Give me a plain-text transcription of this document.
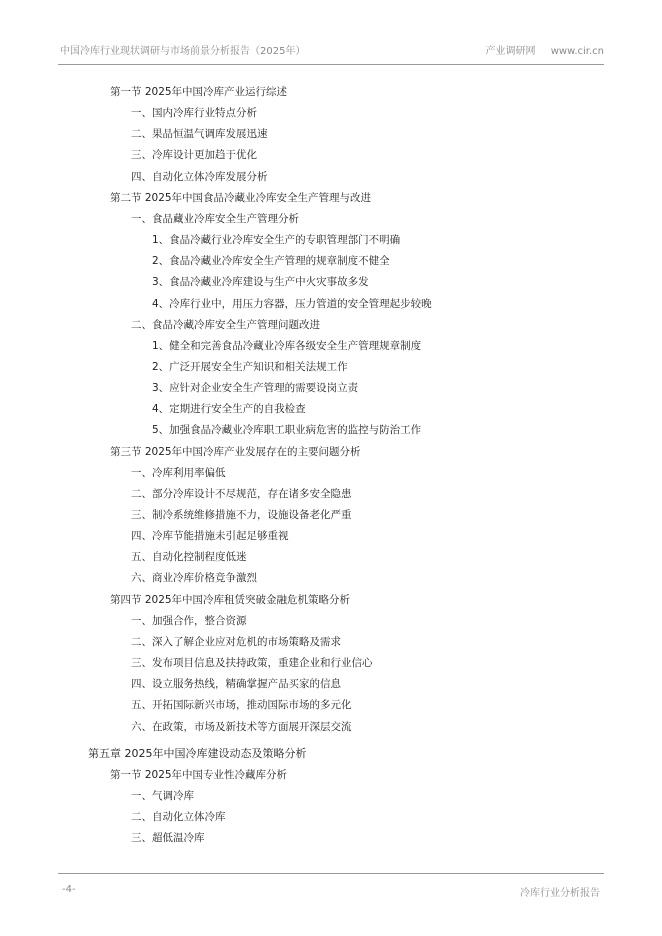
中国冷库行业现状调研与市场前景分析报告（2025年）	产业调研网 www.cir.cn
第一节 2025年中国冷库产业运行综述
一、国内冷库行业特点分析
二、果品恒温气调库发展迅速
三、冷库设计更加趋于优化
四、自动化立体冷库发展分析
第二节 2025年中国食品冷藏业冷库安全生产管理与改进
一、食品藏业冷库安全生产管理分析
1、食品冷藏行业冷库安全生产的专职管理部门不明确
2、食品冷藏业冷库安全生产管理的规章制度不健全
3、食品冷藏业冷库建设与生产中火灾事故多发
4、冷库行业中，用压力容器，压力管道的安全管理起步较晚
二、食品冷藏冷库安全生产管理问题改进
1、健全和完善食品冷藏业冷库各级安全生产管理规章制度
2、广泛开展安全生产知识和相关法规工作
3、应针对企业安全生产管理的需要设岗立责
4、定期进行安全生产的自我检查
5、加强食品冷藏业冷库职工职业病危害的监控与防治工作
第三节 2025年中国冷库产业发展存在的主要问题分析
一、冷库利用率偏低
二、部分冷库设计不尽规范，存在诸多安全隐患
三、制冷系统维修措施不力，设施设备老化严重
四、冷库节能措施未引起足够重视
五、自动化控制程度低迷
六、商业冷库价格竞争激烈
第四节 2025年中国冷库租赁突破金融危机策略分析
一、加强合作，整合资源
二、深入了解企业应对危机的市场策略及需求
三、发布项目信息及扶持政策，重建企业和行业信心
四、设立服务热线，精确掌握产品买家的信息
五、开拓国际新兴市场，推动国际市场的多元化
六、在政策，市场及新技术等方面展开深层交流
第五章 2025年中国冷库建设动态及策略分析
第一节 2025年中国专业性冷藏库分析
一、气调冷库
二、自动化立体冷库
三、超低温冷库
-4-	冷库行业分析报告
